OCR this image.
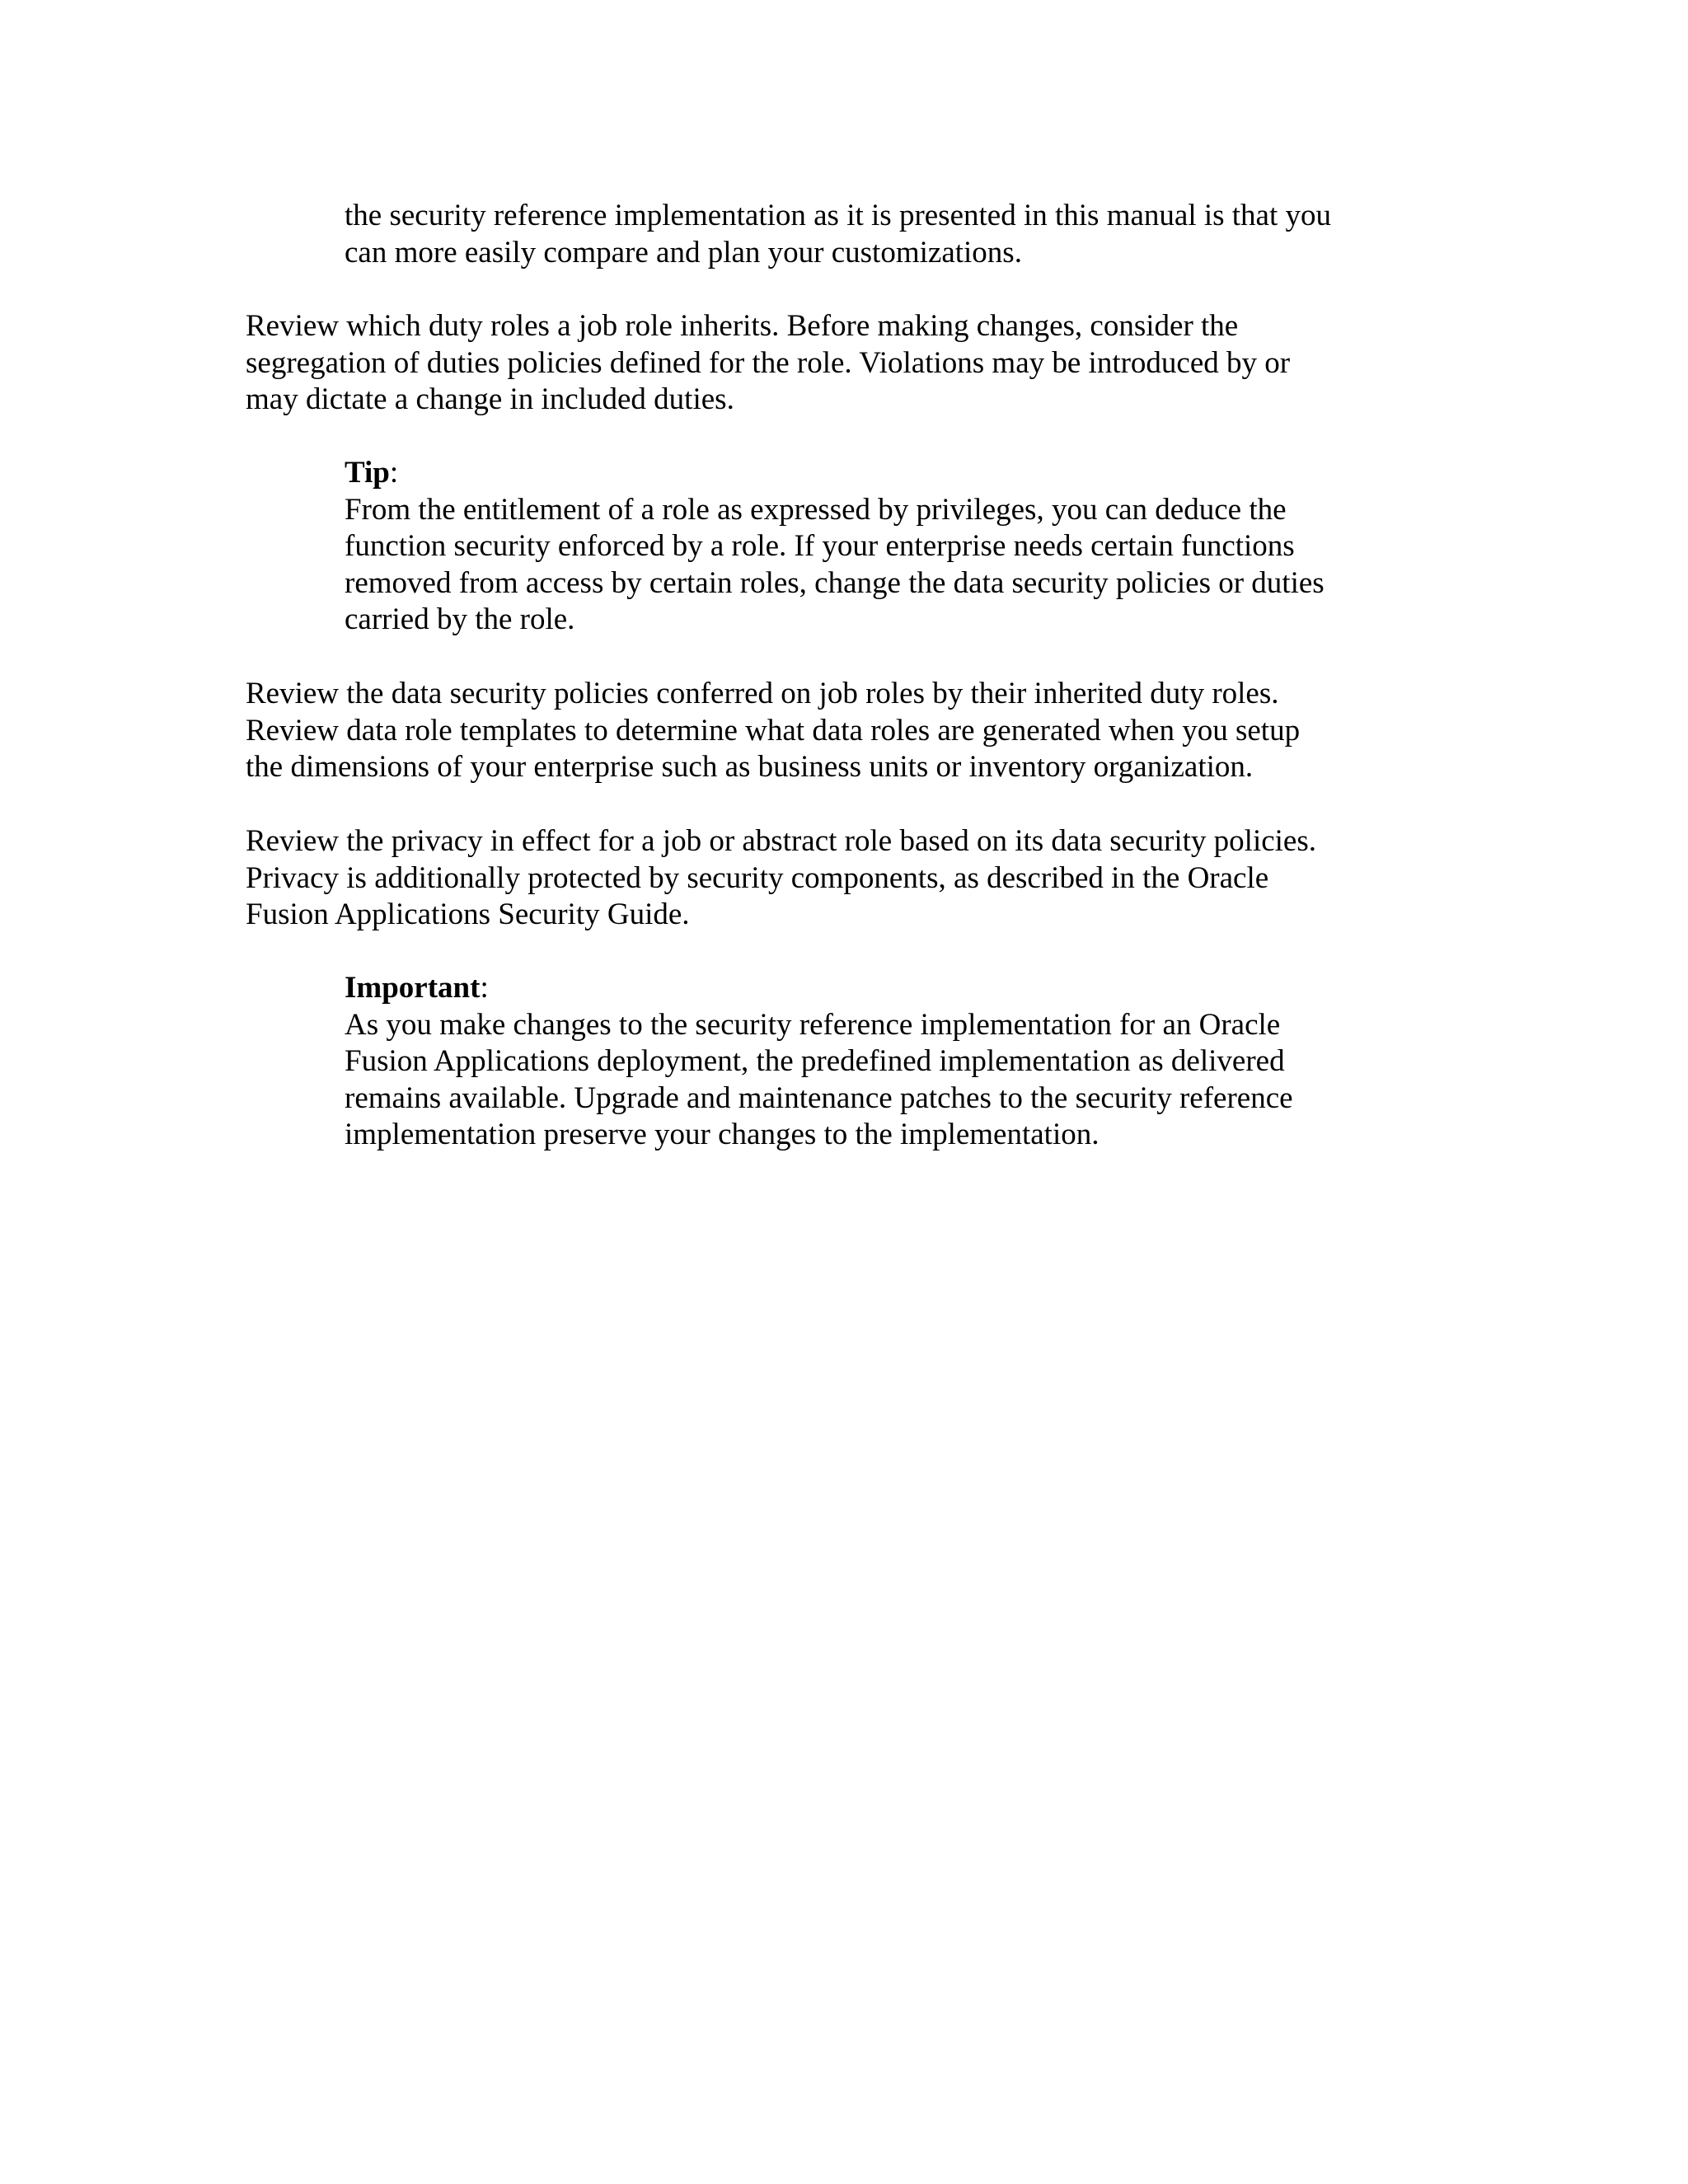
the security reference implementation as it is presented in this manual is that you
can more easily compare and plan your customizations.
Review which duty roles a job role inherits. Before making changes, consider the
segregation of duties policies defined for the role. Violations may be introduced by or
may dictate a change in included duties.
Tip:
From the entitlement of a role as expressed by privileges, you can deduce the
function security enforced by a role. If your enterprise needs certain functions
removed from access by certain roles, change the data security policies or duties
carried by the role.
Review the data security policies conferred on job roles by their inherited duty roles.
Review data role templates to determine what data roles are generated when you setup
the dimensions of your enterprise such as business units or inventory organization.
Review the privacy in effect for a job or abstract role based on its data security policies.
Privacy is additionally protected by security components, as described in the Oracle
Fusion Applications Security Guide.
Important:
As you make changes to the security reference implementation for an Oracle
Fusion Applications deployment, the predefined implementation as delivered
remains available. Upgrade and maintenance patches to the security reference
implementation preserve your changes to the implementation.
